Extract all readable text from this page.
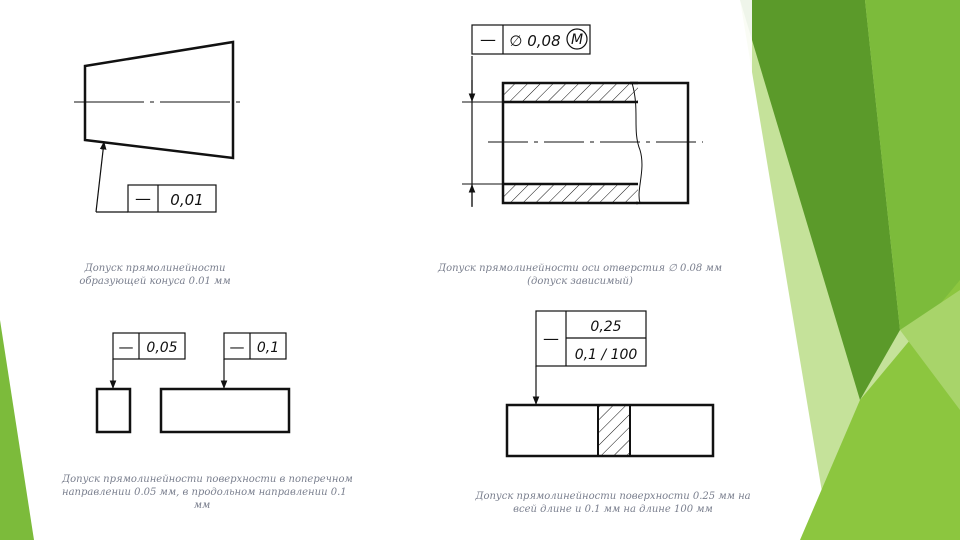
— 0,01
— ∅ 0,08 M
— 0,05	— 0,1	—
0,25
0,1 / 100
Допуск прямолинейности
образующей конуса 0.01 мм
Допуск прямолинейности оси отверстия ∅ 0.08 мм
(допуск зависимый)
Допуск прямолинейности поверхности в поперечном
направлении 0.05 мм, в продольном направлении 0.1
мм
Допуск прямолинейности поверхности 0.25 мм на
всей длине и 0.1 мм на длине 100 мм
